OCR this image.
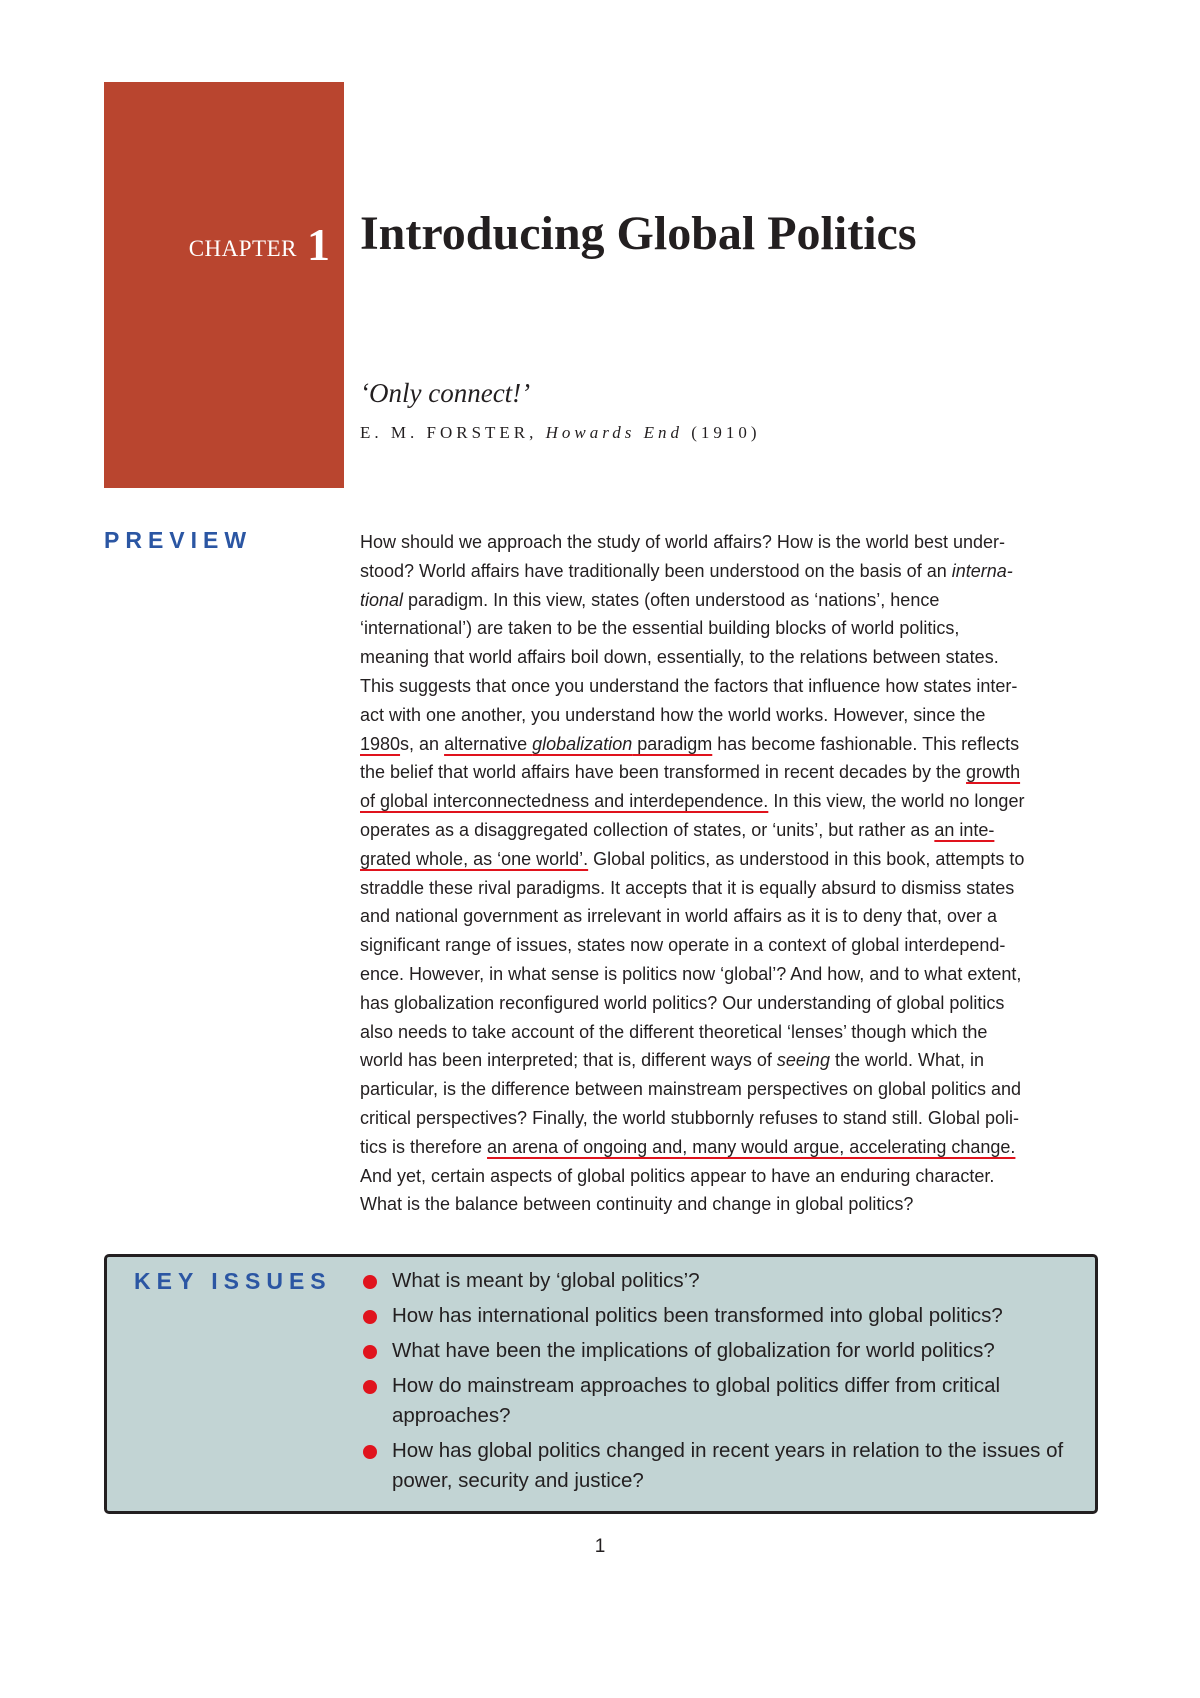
CHAPTER 1 Introducing Global Politics
‘Only connect!’
E. M. FORSTER, Howards End (1910)
PREVIEW	How should we approach the study of world affairs? How is the world best under-
stood? World affairs have traditionally been understood on the basis of an interna-
tional paradigm. In this view, states (often understood as ‘nations’, hence
‘international’) are taken to be the essential building blocks of world politics,
meaning that world affairs boil down, essentially, to the relations between states.
This suggests that once you understand the factors that influence how states inter-
act with one another, you understand how the world works. However, since the
1980s, an alternative globalization paradigm has become fashionable. This reflects
the belief that world affairs have been transformed in recent decades by the growth
of global interconnectedness and interdependence. In this view, the world no longer
operates as a disaggregated collection of states, or ‘units’, but rather as an inte-
grated whole, as ‘one world’. Global politics, as understood in this book, attempts to
straddle these rival paradigms. It accepts that it is equally absurd to dismiss states
and national government as irrelevant in world affairs as it is to deny that, over a
significant range of issues, states now operate in a context of global interdepend-
ence. However, in what sense is politics now ‘global’? And how, and to what extent,
has globalization reconfigured world politics? Our understanding of global politics
also needs to take account of the different theoretical ‘lenses’ though which the
world has been interpreted; that is, different ways of seeing the world. What, in
particular, is the difference between mainstream perspectives on global politics and
critical perspectives? Finally, the world stubbornly refuses to stand still. Global poli-
tics is therefore an arena of ongoing and, many would argue, accelerating change.
And yet, certain aspects of global politics appear to have an enduring character.
What is the balance between continuity and change in global politics?
KEY ISSUES	What is meant by ‘global politics’?
How has international politics been transformed into global politics?
What have been the implications of globalization for world politics?
How do mainstream approaches to global politics differ from critical approaches?
How has global politics changed in recent years in relation to the issues of power, security and justice?
1
